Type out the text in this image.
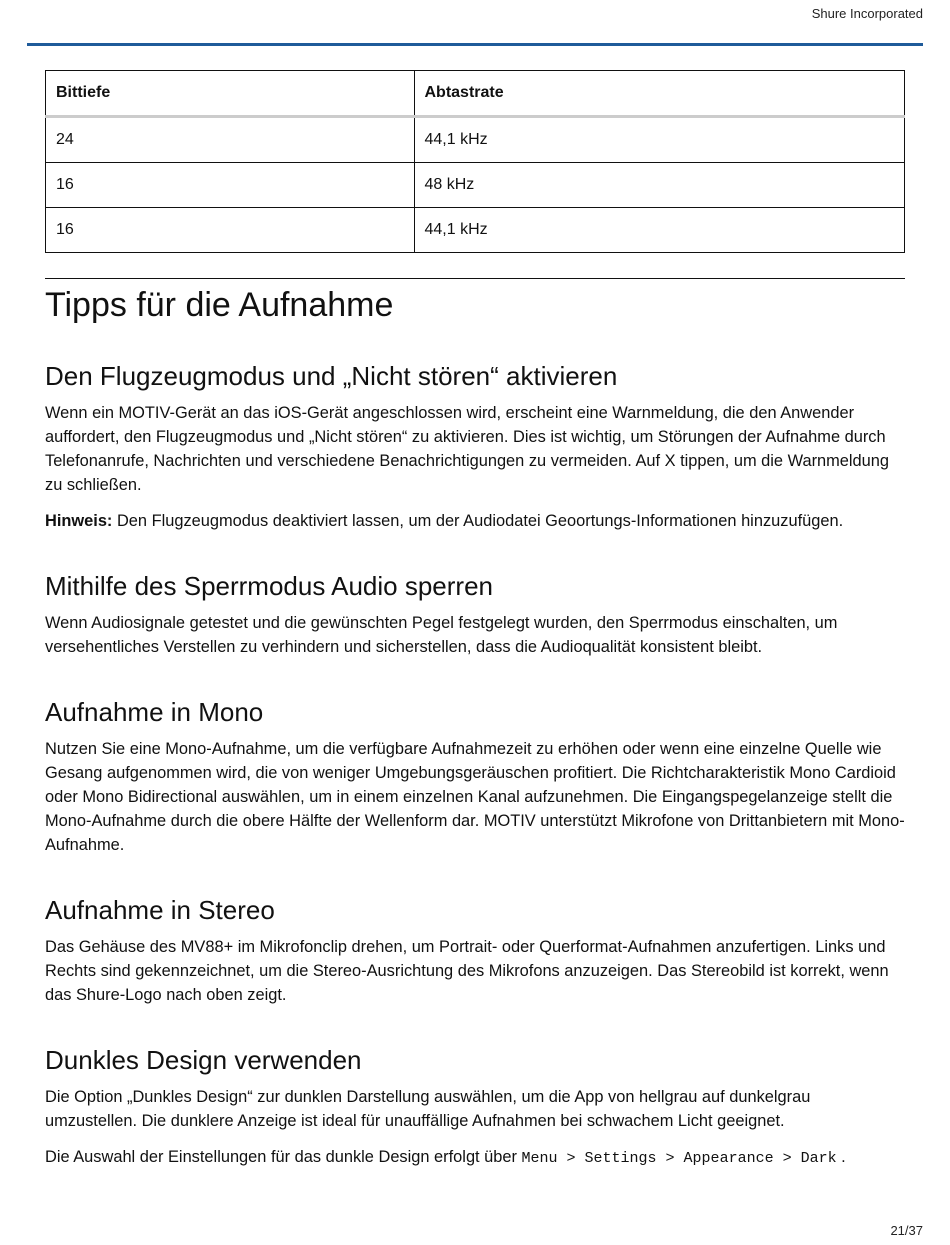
Shure Incorporated
Bittiefe	Abtastrate
24	44,1 kHz
16	48 kHz
16	44,1 kHz
Tipps für die Aufnahme
Den Flugzeugmodus und „Nicht stören“ aktivieren

Wenn ein MOTIV-Gerät an das iOS-Gerät angeschlossen wird, erscheint eine Warnmeldung, die den Anwender auffordert, den Flugzeugmodus und „Nicht stören“ zu aktivieren. Dies ist wichtig, um Störungen der Aufnahme durch Telefonanrufe, Nachrichten und verschiedene Benachrichtigungen zu vermeiden. Auf X tippen, um die Warnmeldung zu schließen.

Hinweis: Den Flugzeugmodus deaktiviert lassen, um der Audiodatei Geoortungs-Informationen hinzuzufügen.

Mithilfe des Sperrmodus Audio sperren

Wenn Audiosignale getestet und die gewünschten Pegel festgelegt wurden, den Sperrmodus einschalten, um versehentliches Verstellen zu verhindern und sicherstellen, dass die Audioqualität konsistent bleibt.

Aufnahme in Mono

Nutzen Sie eine Mono-Aufnahme, um die verfügbare Aufnahmezeit zu erhöhen oder wenn eine einzelne Quelle wie Gesang aufgenommen wird, die von weniger Umgebungsgeräuschen profitiert. Die Richtcharakteristik Mono Cardioid oder Mono Bidirectional auswählen, um in einem einzelnen Kanal aufzunehmen. Die Eingangspegelanzeige stellt die Mono-Aufnahme durch die obere Hälfte der Wellenform dar. MOTIV unterstützt Mikrofone von Drittanbietern mit Mono-Aufnahme.

Aufnahme in Stereo

Das Gehäuse des MV88+ im Mikrofonclip drehen, um Portrait- oder Querformat-Aufnahmen anzufertigen. Links und Rechts sind gekennzeichnet, um die Stereo-Ausrichtung des Mikrofons anzuzeigen. Das Stereobild ist korrekt, wenn das Shure-Logo nach oben zeigt.

Dunkles Design verwenden

Die Option „Dunkles Design“ zur dunklen Darstellung auswählen, um die App von hellgrau auf dunkelgrau umzustellen. Die dunklere Anzeige ist ideal für unauffällige Aufnahmen bei schwachem Licht geeignet.

Die Auswahl der Einstellungen für das dunkle Design erfolgt über Menu > Settings > Appearance > Dark .

21/37
